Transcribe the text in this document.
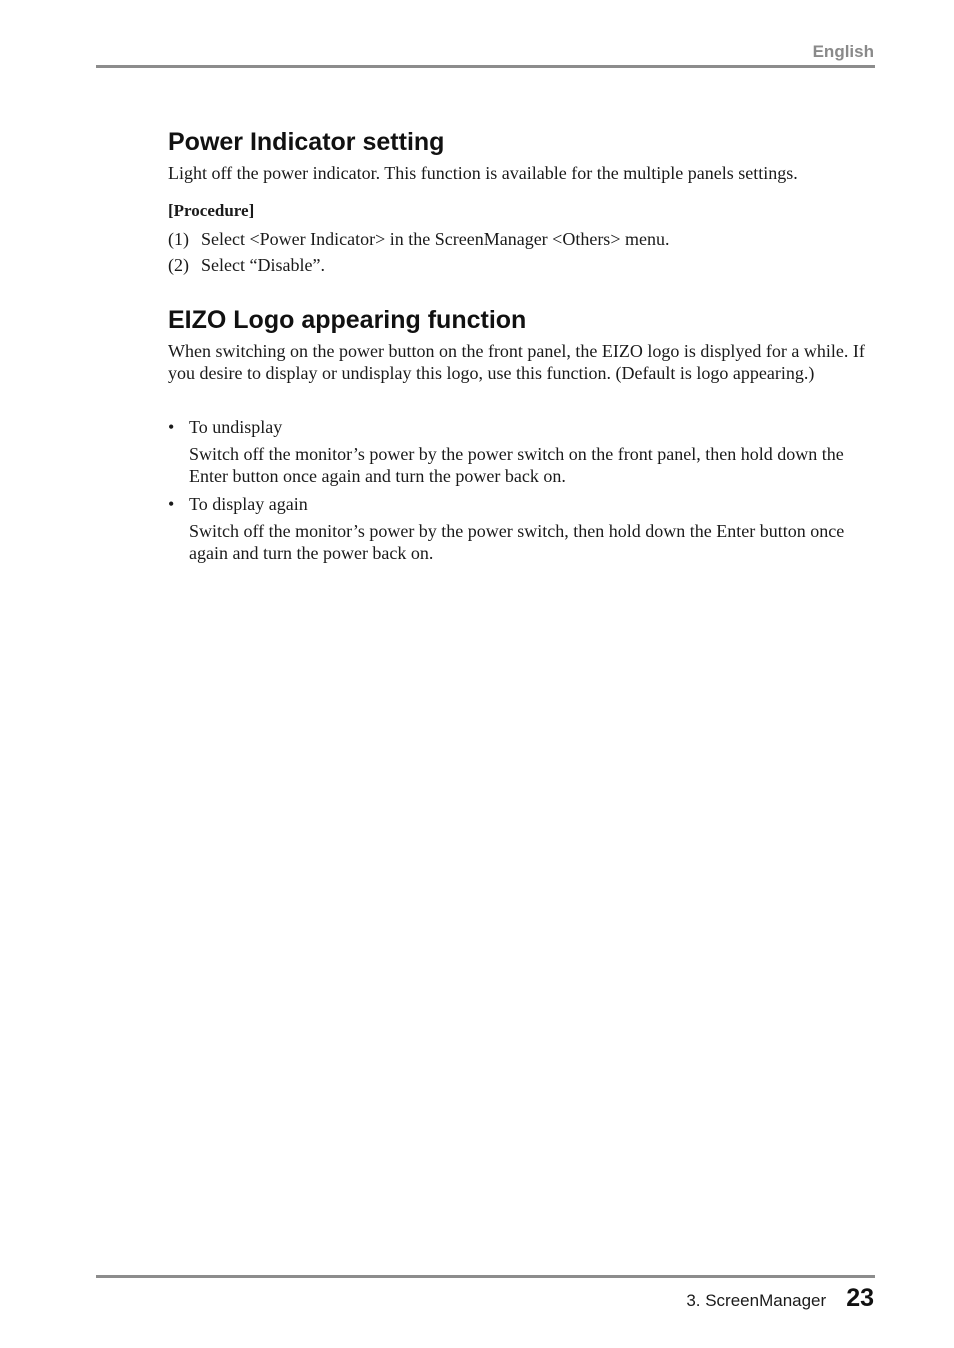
English
Power Indicator setting

Light off the power indicator. This function is available for the multiple panels settings.

[Procedure]

(1) Select <Power Indicator> in the ScreenManager <Others> menu.
(2) Select “Disable”.
EIZO Logo appearing function

When switching on the power button on the front panel, the EIZO logo is displyed for a while. If you desire to display or undisplay this logo, use this function. (Default is logo appearing.)

• To undisplay
Switch off the monitor’s power by the power switch on the front panel, then hold down the Enter button once again and turn the power back on.
• To display again
Switch off the monitor’s power by the power switch, then hold down the Enter button once again and turn the power back on.
3. ScreenManager 23
